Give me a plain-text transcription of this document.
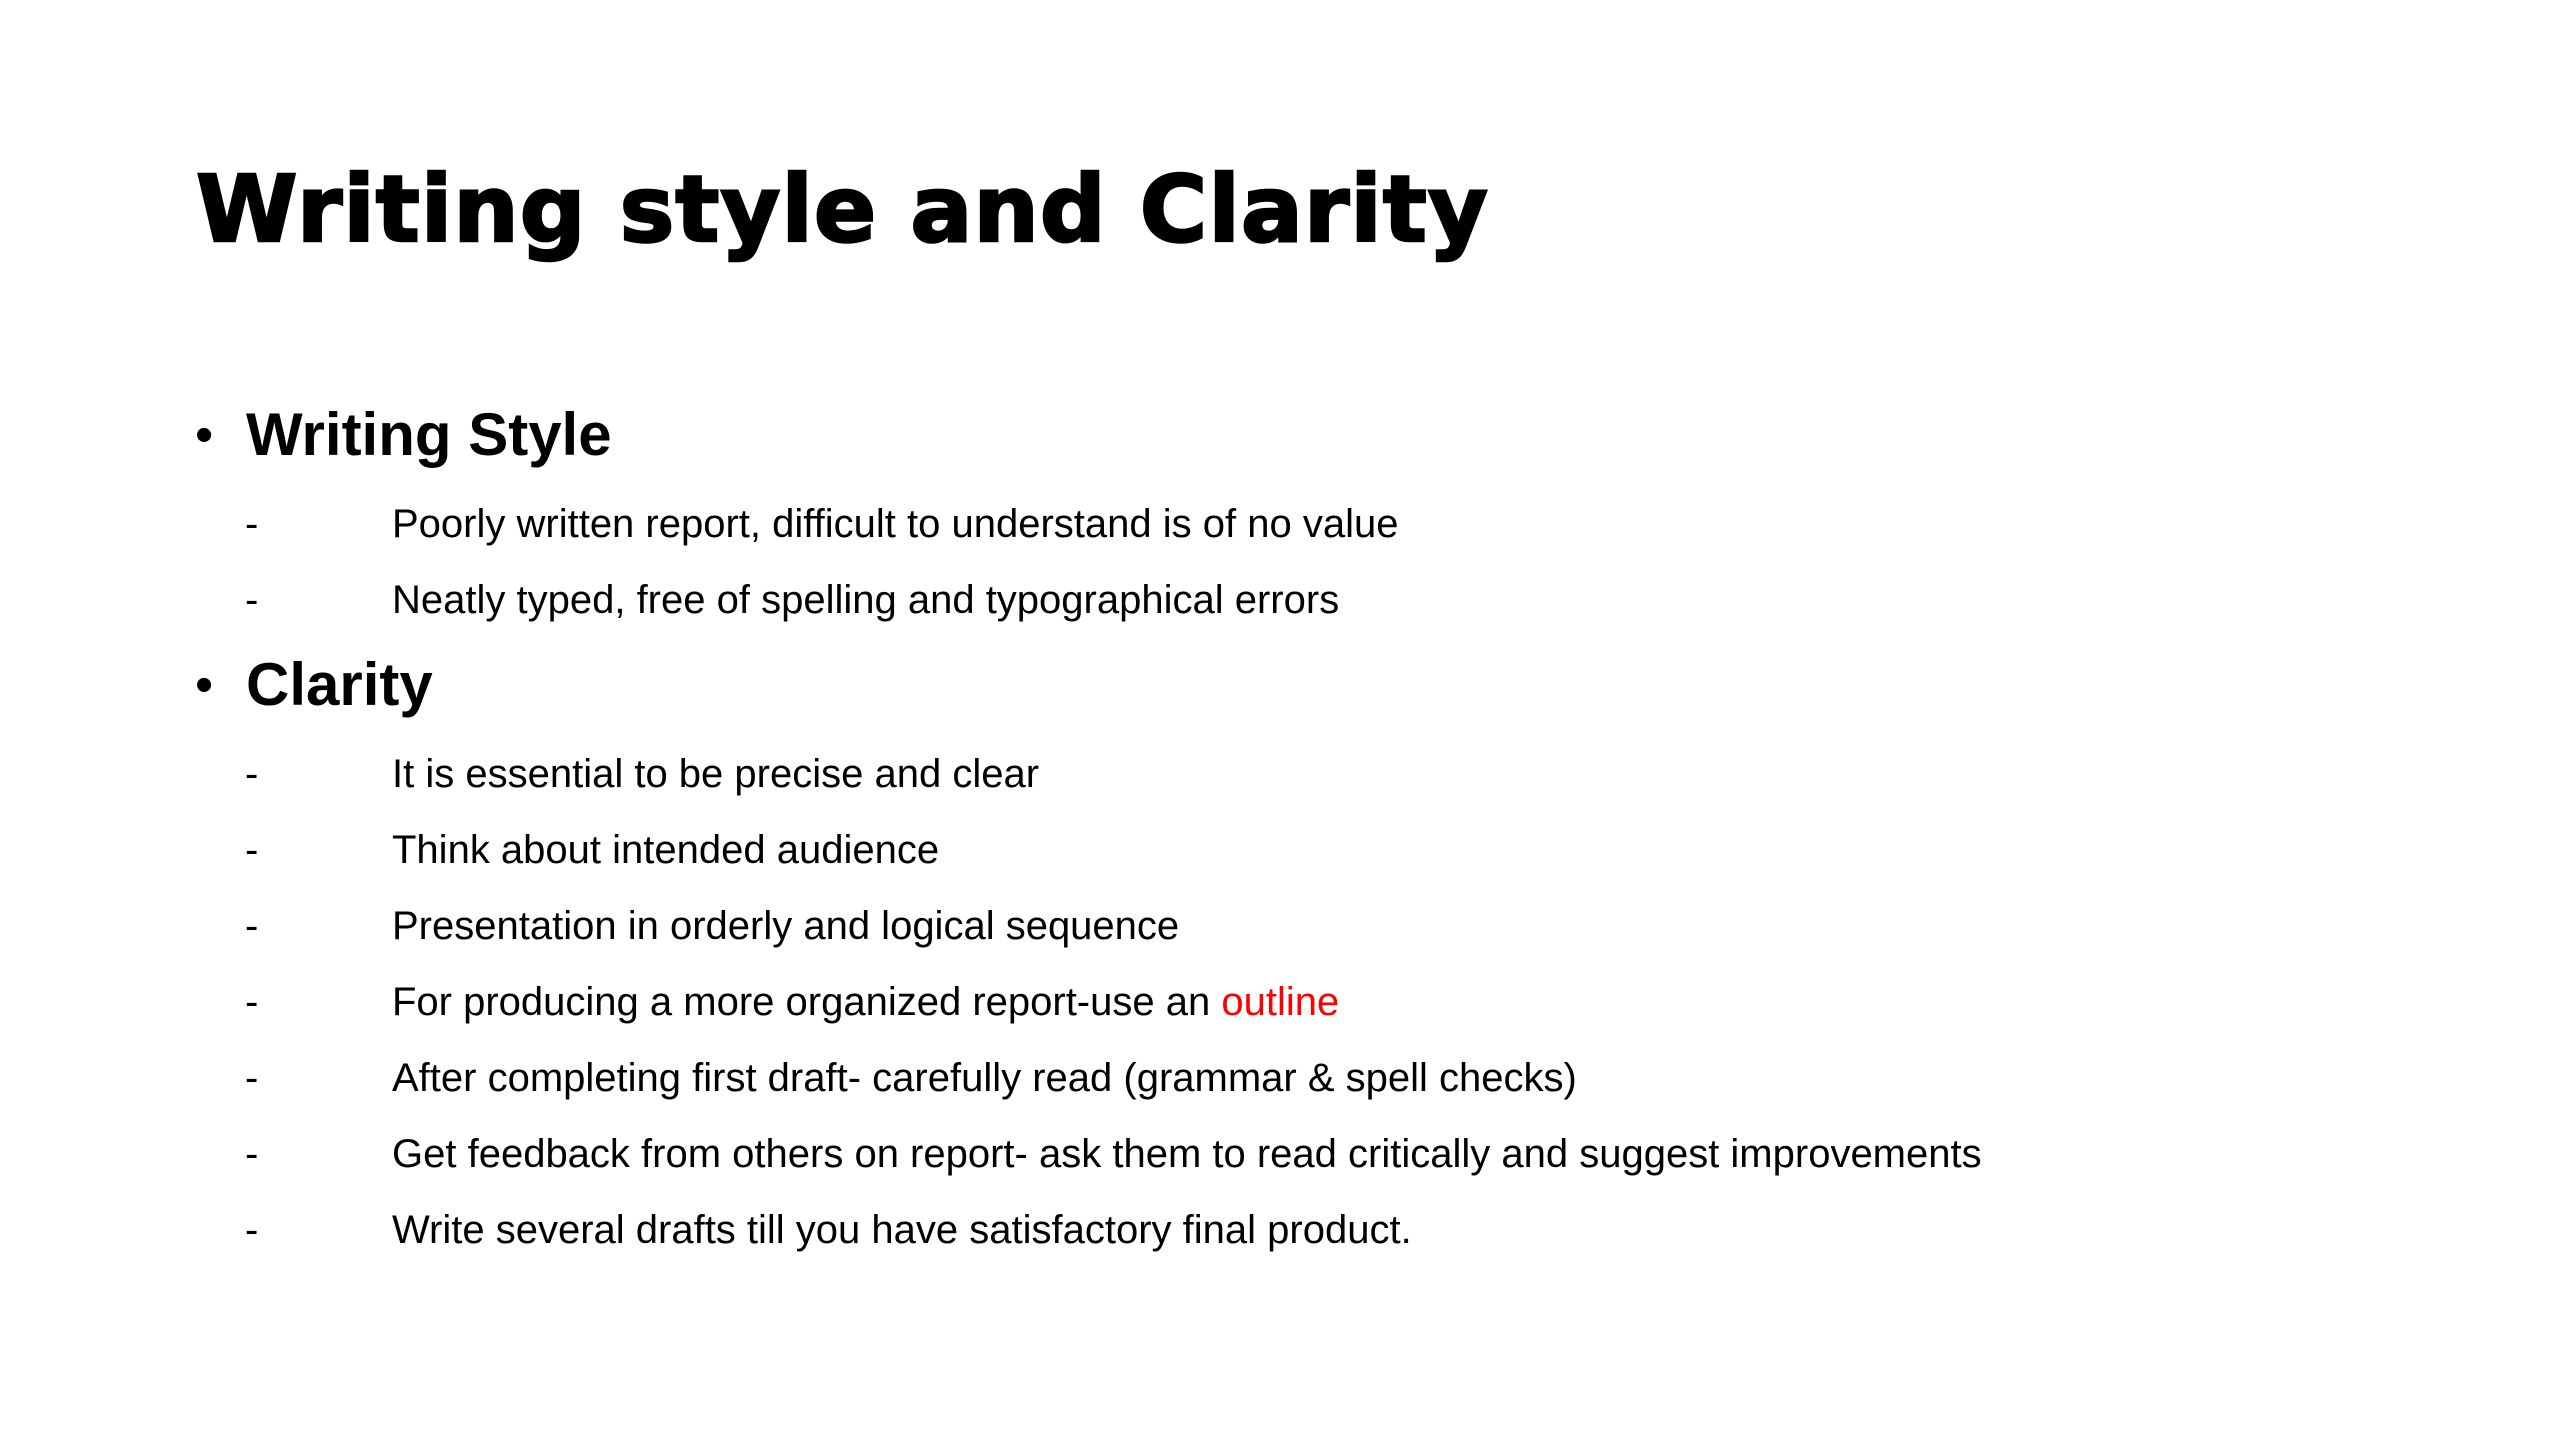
Writing style and Clarity
• Writing Style
-	Poorly written report, difficult to understand is of no value
-	Neatly typed, free of spelling and typographical errors
• Clarity
-	It is essential to be precise and clear
-	Think about intended audience
-	Presentation in orderly and logical sequence
-	For producing a more organized report-use an outline
-	After completing first draft- carefully read (grammar & spell checks)
-	Get feedback from others on report- ask them to read critically and suggest improvements
-	Write several drafts till you have satisfactory final product.
